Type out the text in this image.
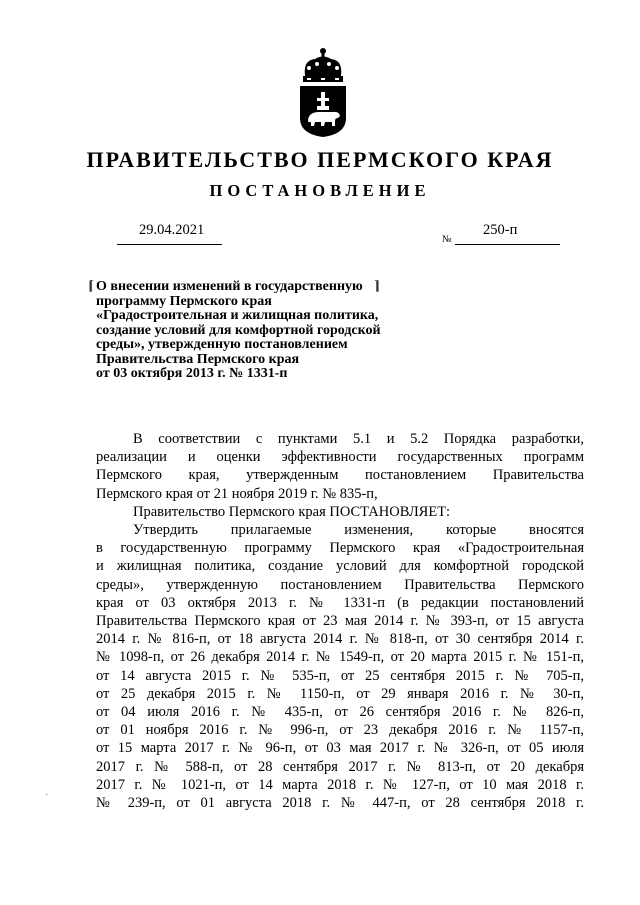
ПРАВИТЕЛЬСТВО ПЕРМСКОГО КРАЯ
ПОСТАНОВЛЕНИЕ
29.04.2021
№
250-п
⌈	⌉
О внесении изменений в государственную
программу Пермского края
«Градостроительная и жилищная политика,
создание условий для комфортной городской
среды», утвержденную постановлением
Правительства Пермского края
от 03 октября 2013 г. № 1331-п
В соответствии с пунктами 5.1 и 5.2 Порядка разработки,
реализации и оценки эффективности государственных программ
Пермского края, утвержденным постановлением Правительства
Пермского края от 21 ноября 2019 г. № 835-п,
Правительство Пермского края ПОСТАНОВЛЯЕТ:
Утвердить прилагаемые изменения, которые вносятся
в государственную программу Пермского края «Градостроительная
и жилищная политика, создание условий для комфортной городской
среды», утвержденную постановлением Правительства Пермского
края от 03 октября 2013 г. № 1331-п (в редакции постановлений
Правительства Пермского края от 23 мая 2014 г. № 393-п, от 15 августа
2014 г. № 816-п, от 18 августа 2014 г. № 818-п, от 30 сентября 2014 г.
№ 1098-п, от 26 декабря 2014 г. № 1549-п, от 20 марта 2015 г. № 151-п,
от 14 августа 2015 г. № 535-п, от 25 сентября 2015 г. № 705-п,
от 25 декабря 2015 г. № 1150-п, от 29 января 2016 г. № 30-п,
от 04 июля 2016 г. № 435-п, от 26 сентября 2016 г. № 826-п,
от 01 ноября 2016 г. № 996-п, от 23 декабря 2016 г. № 1157-п,
от 15 марта 2017 г. № 96-п, от 03 мая 2017 г. № 326-п, от 05 июля
2017 г. № 588-п, от 28 сентября 2017 г. № 813-п, от 20 декабря
2017 г. № 1021-п, от 14 марта 2018 г. № 127-п, от 10 мая 2018 г.
№ 239-п, от 01 августа 2018 г. № 447-п, от 28 сентября 2018 г.
·
